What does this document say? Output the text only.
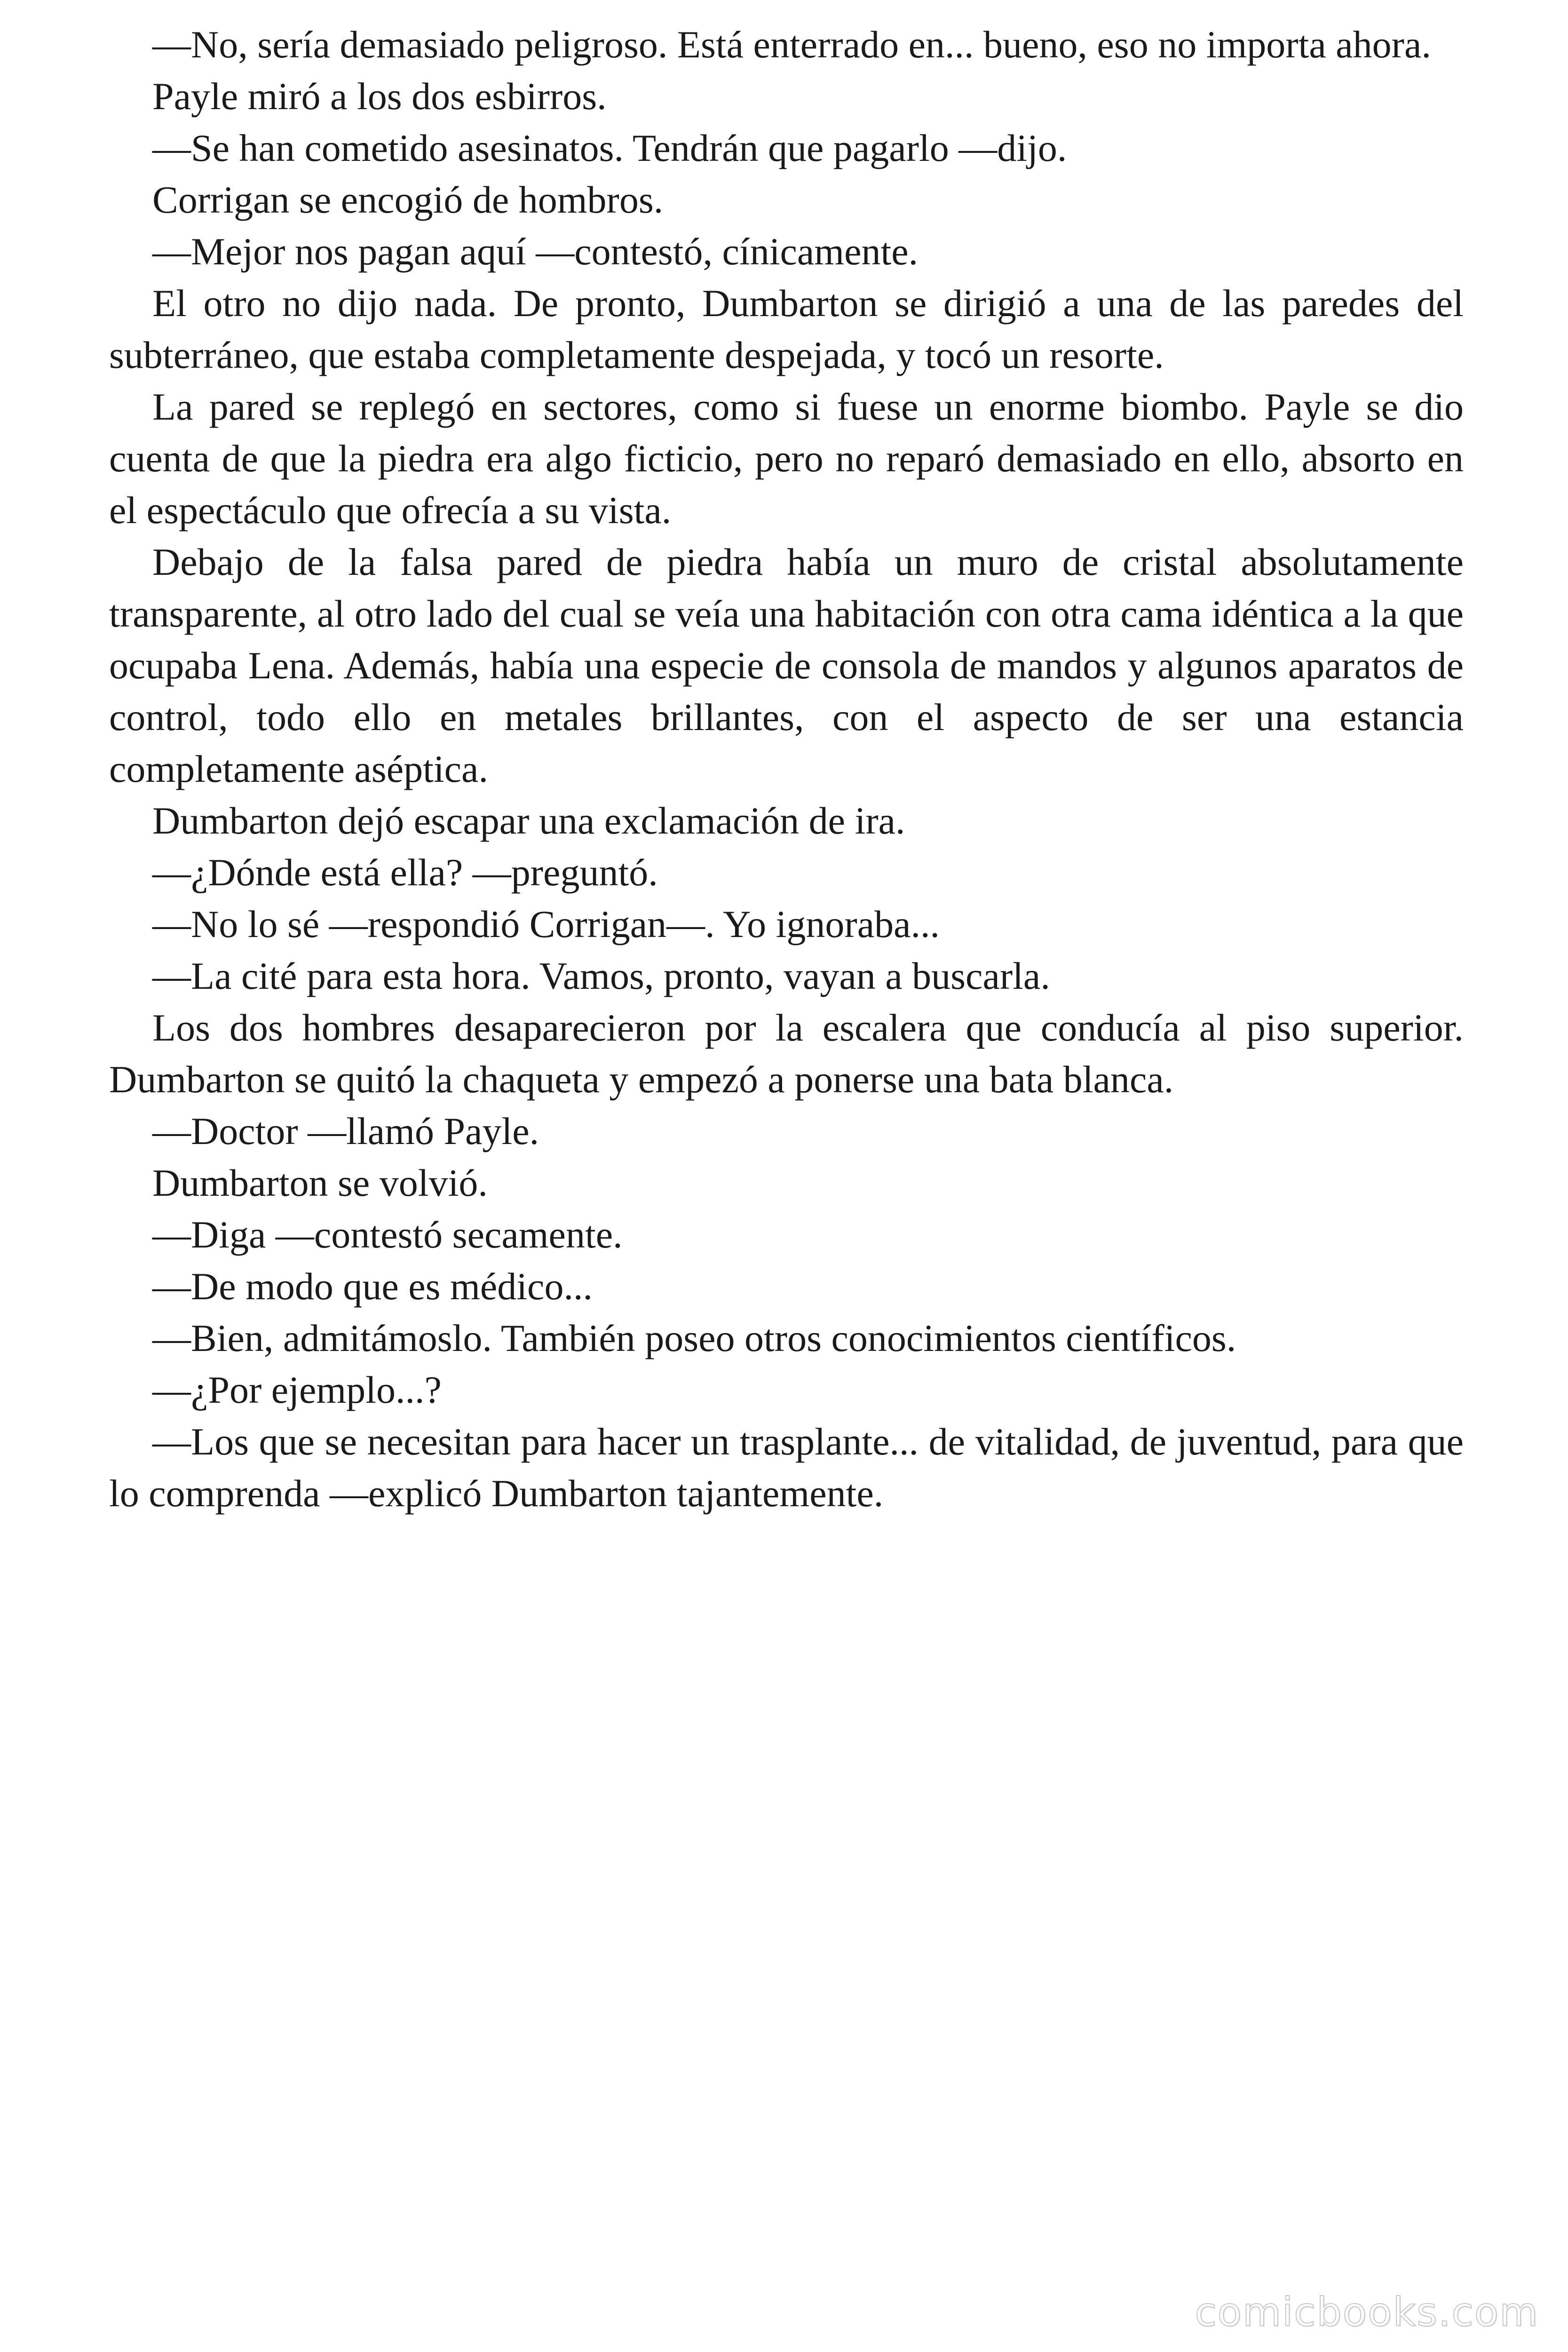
—No, sería demasiado peligroso. Está enterrado en... bueno, eso no importa ahora.

Payle miró a los dos esbirros.

—Se han cometido asesinatos. Tendrán que pagarlo —dijo.

Corrigan se encogió de hombros.

—Mejor nos pagan aquí —contestó, cínicamente.

El otro no dijo nada. De pronto, Dumbarton se dirigió a una de las paredes del subterráneo, que estaba completamente despejada, y tocó un resorte.

La pared se replegó en sectores, como si fuese un enorme biombo. Payle se dio cuenta de que la piedra era algo ficticio, pero no reparó demasiado en ello, absorto en el espectáculo que ofrecía a su vista.

Debajo de la falsa pared de piedra había un muro de cristal absolutamente transparente, al otro lado del cual se veía una habitación con otra cama idéntica a la que ocupaba Lena. Además, había una especie de consola de mandos y algunos aparatos de control, todo ello en metales brillantes, con el aspecto de ser una estancia completamente aséptica.

Dumbarton dejó escapar una exclamación de ira.

—¿Dónde está ella? —preguntó.

—No lo sé —respondió Corrigan—. Yo ignoraba...

—La cité para esta hora. Vamos, pronto, vayan a buscarla.

Los dos hombres desaparecieron por la escalera que conducía al piso superior. Dumbarton se quitó la chaqueta y empezó a ponerse una bata blanca.

—Doctor —llamó Payle.

Dumbarton se volvió.

—Diga —contestó secamente.

—De modo que es médico...

—Bien, admitámoslo. También poseo otros conocimientos científicos.

—¿Por ejemplo...?

—Los que se necesitan para hacer un trasplante... de vitalidad, de juventud, para que lo comprenda —explicó Dumbarton tajantemente.

comicbooks.com
